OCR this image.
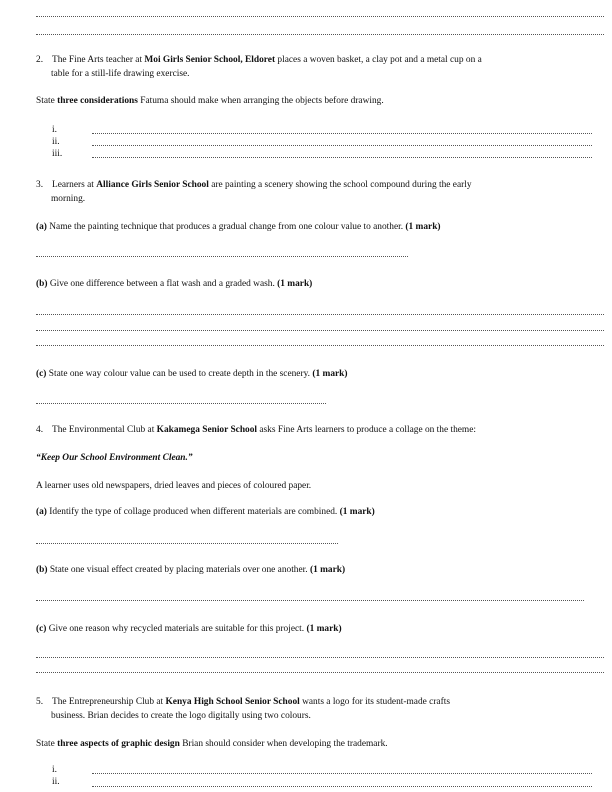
2. The Fine Arts teacher at Moi Girls Senior School, Eldoret places a woven basket, a clay pot and a metal cup on a
table for a still-life drawing exercise.
State three considerations Fatuma should make when arranging the objects before drawing.
i.
ii.
iii.
3. Learners at Alliance Girls Senior School are painting a scenery showing the school compound during the early
morning.
(a) Name the painting technique that produces a gradual change from one colour value to another. (1 mark)
(b) Give one difference between a flat wash and a graded wash. (1 mark)
(c) State one way colour value can be used to create depth in the scenery. (1 mark)
4. The Environmental Club at Kakamega Senior School asks Fine Arts learners to produce a collage on the theme:
“Keep Our School Environment Clean.”
A learner uses old newspapers, dried leaves and pieces of coloured paper.
(a) Identify the type of collage produced when different materials are combined. (1 mark)
(b) State one visual effect created by placing materials over one another. (1 mark)
(c) Give one reason why recycled materials are suitable for this project. (1 mark)
5. The Entrepreneurship Club at Kenya High School Senior School wants a logo for its student-made crafts
business. Brian decides to create the logo digitally using two colours.
State three aspects of graphic design Brian should consider when developing the trademark.
i.
ii.
